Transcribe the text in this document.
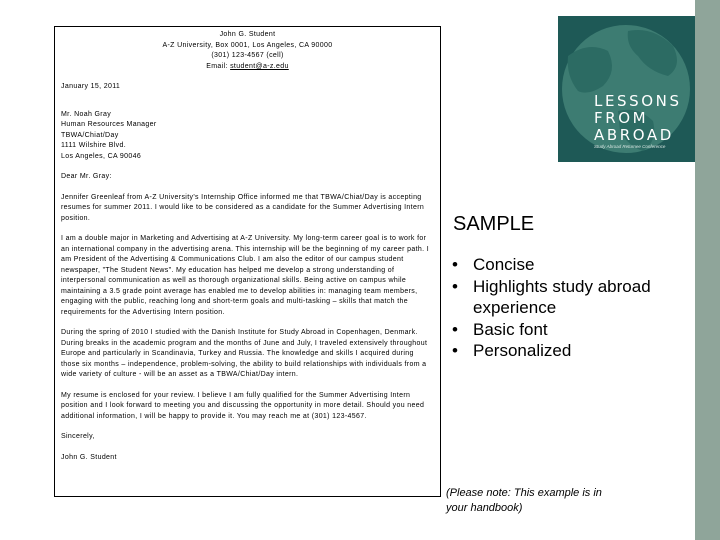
LESSONS
FROM
ABROAD
Study Abroad Returnee Conference

John G. Student

A-Z University, Box 0001, Los Angeles, CA 90000

(301) 123-4567 (cell)

Email: student@a-z.edu

January 15, 2011

Mr. Noah Gray

Human Resources Manager

TBWA/Chiat/Day

1111 Wilshire Blvd.

Los Angeles, CA 90046

Dear Mr. Gray:

Jennifer Greenleaf from A-Z University's Internship Office informed me that TBWA/Chiat/Day is accepting resumes for summer 2011. I would like to be considered as a candidate for the Summer Advertising Intern position.

I am a double major in Marketing and Advertising at A-Z University. My long-term career goal is to work for an international company in the advertising arena. This internship will be the beginning of my career path. I am President of the Advertising & Communications Club. I am also the editor of our campus student newspaper, "The Student News". My education has helped me develop a strong understanding of interpersonal communication as well as thorough organizational skills. Being active on campus while maintaining a 3.5 grade point average has enabled me to develop abilities in: managing team members, engaging with the public, reaching long and short-term goals and multi-tasking – skills that match the requirements for the Advertising Intern position.

During the spring of 2010 I studied with the Danish Institute for Study Abroad in Copenhagen, Denmark. During breaks in the academic program and the months of June and July, I traveled extensively throughout Europe and particularly in Scandinavia, Turkey and Russia. The knowledge and skills I acquired during those six months – independence, problem-solving, the ability to build relationships with individuals from a wide variety of culture - will be an asset as a TBWA/Chiat/Day intern.

My resume is enclosed for your review. I believe I am fully qualified for the Summer Advertising Intern position and I look forward to meeting you and discussing the opportunity in more detail. Should you need additional information, I will be happy to provide it. You may reach me at (301) 123-4567.

Sincerely,

John G. Student

SAMPLE
• Concise
• Highlights study abroad experience
• Basic font
• Personalized
(Please note: This example is in your handbook)
